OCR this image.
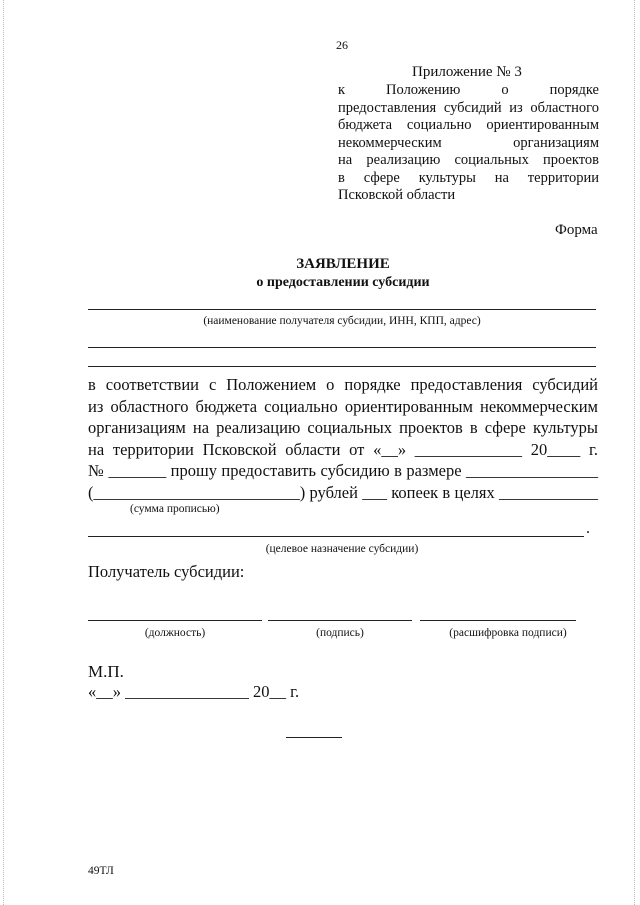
26
Приложение № 3
к Положению о порядке
предоставления субсидий из областного
бюджета социально ориентированным
некоммерческим организациям
на реализацию социальных проектов
в сфере культуры на территории
Псковской области
Форма
ЗАЯВЛЕНИЕ
о предоставлении субсидии
(наименование получателя субсидии, ИНН, КПП, адрес)
в соответствии с Положением о порядке предоставления субсидий
из областного бюджета социально ориентированным некоммерческим
организациям на реализацию социальных проектов в сфере культуры
на территории Псковской области от «__» _____________ 20____ г.
№ _______ прошу предоставить субсидию в размере ________________
(_________________________) рублей ___ копеек в целях ____________
(сумма прописью)
.
(целевое назначение субсидии)
Получатель субсидии:
(должность)	(подпись)	(расшифровка подписи)
М.П.
«__» _______________ 20__ г.
49ТЛ
